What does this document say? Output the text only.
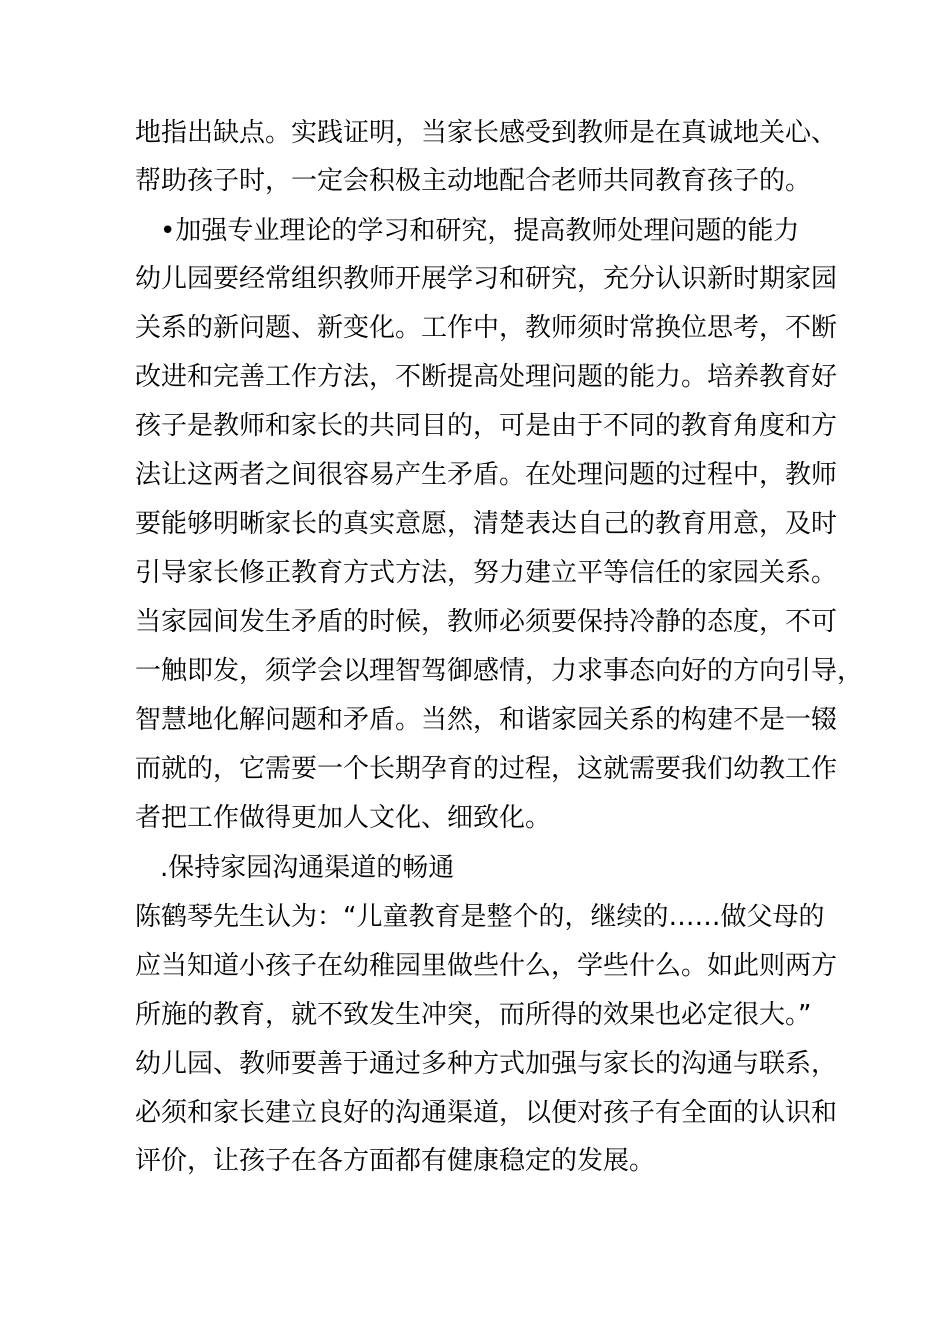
地指出缺点。实践证明，当家长感受到教师是在真诚地关心、
帮助孩子时，一定会积极主动地配合老师共同教育孩子的。
•加强专业理论的学习和研究，提高教师处理问题的能力
幼儿园要经常组织教师开展学习和研究，充分认识新时期家园
关系的新问题、新变化。工作中，教师须时常换位思考，不断
改进和完善工作方法，不断提高处理问题的能力。培养教育好
孩子是教师和家长的共同目的，可是由于不同的教育角度和方
法让这两者之间很容易产生矛盾。在处理问题的过程中，教师
要能够明晰家长的真实意愿，清楚表达自己的教育用意，及时
引导家长修正教育方式方法，努力建立平等信任的家园关系。
当家园间发生矛盾的时候，教师必须要保持冷静的态度，不可
一触即发，须学会以理智驾御感情，力求事态向好的方向引导，
智慧地化解问题和矛盾。当然，和谐家园关系的构建不是一辍
而就的，它需要一个长期孕育的过程，这就需要我们幼教工作
者把工作做得更加人文化、细致化。
.保持家园沟通渠道的畅通
陈鹤琴先生认为：“儿童教育是整个的，继续的……做父母的
应当知道小孩子在幼稚园里做些什么，学些什么。如此则两方
所施的教育，就不致发生冲突，而所得的效果也必定很大。”
幼儿园、教师要善于通过多种方式加强与家长的沟通与联系，
必须和家长建立良好的沟通渠道，以便对孩子有全面的认识和
评价，让孩子在各方面都有健康稳定的发展。
